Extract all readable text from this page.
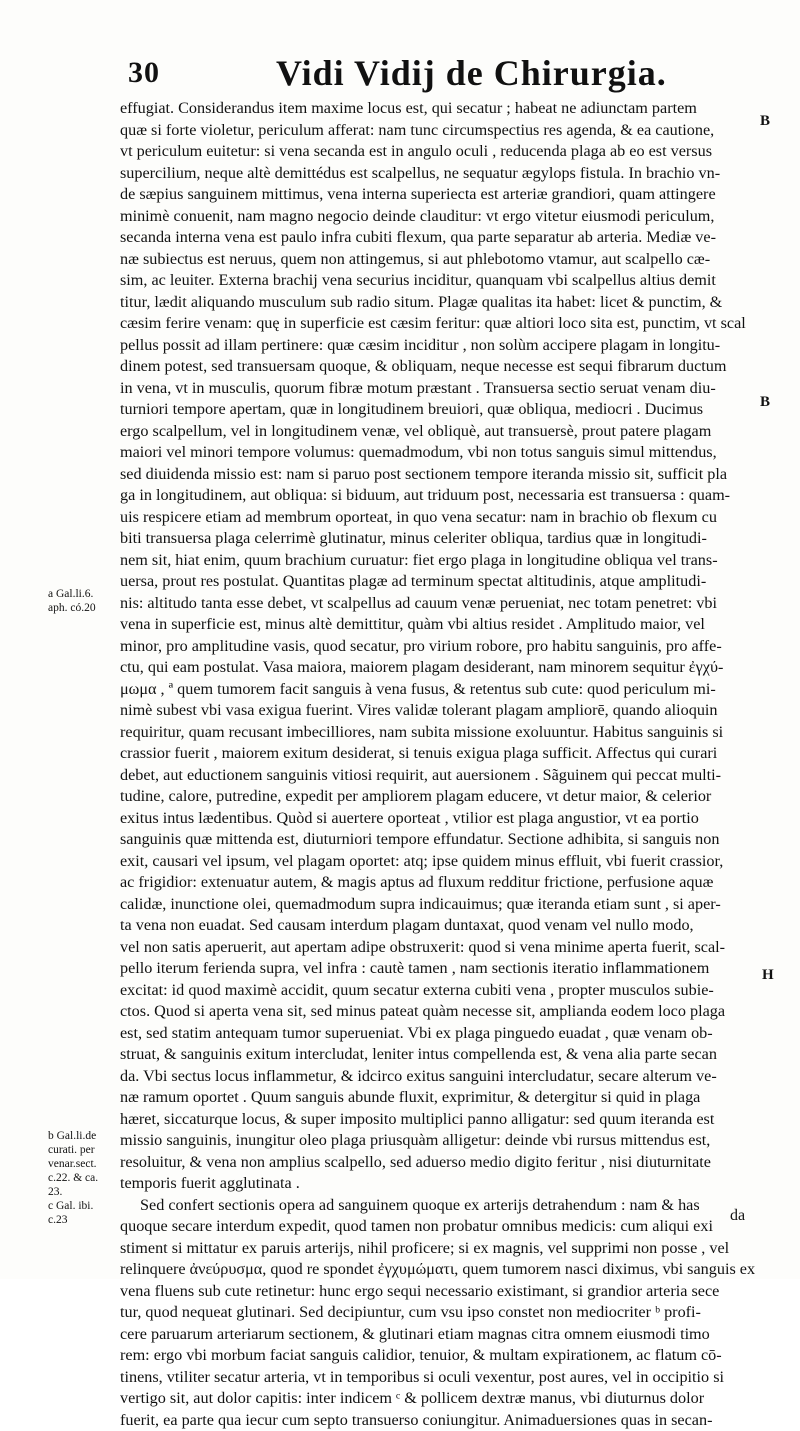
30	Vidi Vidij de Chirurgia.
effugiat. Considerandus item maxime locus est, qui secatur ; habeat ne adiunctam partem
quæ si forte violetur, periculum afferat: nam tunc circumspectius res agenda, & ea cautione,
vt periculum euitetur: si vena secanda est in angulo oculi , reducenda plaga ab eo est versus
supercilium, neque altè demittédus est scalpellus, ne sequatur ægylops fistula. In brachio vn-
de sæpius sanguinem mittimus, vena interna superiecta est arteriæ grandiori, quam attingere
minimè conuenit, nam magno negocio deinde clauditur: vt ergo vitetur eiusmodi periculum,
secanda interna vena est paulo infra cubiti flexum, qua parte separatur ab arteria. Mediæ ve-
næ subiectus est neruus, quem non attingemus, si aut phlebotomo vtamur, aut scalpello cæ-
sim, ac leuiter. Externa brachij vena securius inciditur, quanquam vbi scalpellus altius demit
titur, lædit aliquando musculum sub radio situm. Plagæ qualitas ita habet: licet & punctim, &
cæsim ferire venam: quę in superficie est cæsim feritur: quæ altiori loco sita est, punctim, vt scal
pellus possit ad illam pertinere: quæ cæsim inciditur , non solùm accipere plagam in longitu-
dinem potest, sed transuersam quoque, & obliquam, neque necesse est sequi fibrarum ductum
in vena, vt in musculis, quorum fibræ motum præstant . Transuersa sectio seruat venam diu-
turniori tempore apertam, quæ in longitudinem breuiori, quæ obliqua, mediocri . Ducimus
ergo scalpellum, vel in longitudinem venæ, vel obliquè, aut transuersè, prout patere plagam
maiori vel minori tempore volumus: quemadmodum, vbi non totus sanguis simul mittendus,
sed diuidenda missio est: nam si paruo post sectionem tempore iteranda missio sit, sufficit pla
ga in longitudinem, aut obliqua: si biduum, aut triduum post, necessaria est transuersa : quam-
uis respicere etiam ad membrum oporteat, in quo vena secatur: nam in brachio ob flexum cu
biti transuersa plaga celerrimè glutinatur, minus celeriter obliqua, tardius quæ in longitudi-
nem sit, hiat enim, quum brachium curuatur: fiet ergo plaga in longitudine obliqua vel trans-
uersa, prout res postulat. Quantitas plagæ ad terminum spectat altitudinis, atque amplitudi-
nis: altitudo tanta esse debet, vt scalpellus ad cauum venæ perueniat, nec totam penetret: vbi
vena in superficie est, minus altè demittitur, quàm vbi altius residet . Amplitudo maior, vel
minor, pro amplitudine vasis, quod secatur, pro virium robore, pro habitu sanguinis, pro affe-
ctu, qui eam postulat. Vasa maiora, maiorem plagam desiderant, nam minorem sequitur ἐγχύ-
μωμα , ª quem tumorem facit sanguis à vena fusus, & retentus sub cute: quod periculum mi-
nimè subest vbi vasa exigua fuerint. Vires validæ tolerant plagam ampliorē, quando alioquin
requiritur, quam recusant imbecilliores, nam subita missione exoluuntur. Habitus sanguinis si
crassior fuerit , maiorem exitum desiderat, si tenuis exigua plaga sufficit. Affectus qui curari
debet, aut eductionem sanguinis vitiosi requirit, aut auersionem . Sãguinem qui peccat multi-
tudine, calore, putredine, expedit per ampliorem plagam educere, vt detur maior, & celerior
exitus intus lædentibus. Quòd si auertere oporteat , vtilior est plaga angustior, vt ea portio
sanguinis quæ mittenda est, diuturniori tempore effundatur. Sectione adhibita, si sanguis non
exit, causari vel ipsum, vel plagam oportet: atq; ipse quidem minus effluit, vbi fuerit crassior,
ac frigidior: extenuatur autem, & magis aptus ad fluxum redditur frictione, perfusione aquæ
calidæ, inunctione olei, quemadmodum supra indicauimus; quæ iteranda etiam sunt , si aper-
ta vena non euadat. Sed causam interdum plagam duntaxat, quod venam vel nullo modo,
vel non satis aperuerit, aut apertam adipe obstruxerit: quod si vena minime aperta fuerit, scal-
pello iterum ferienda supra, vel infra : cautè tamen , nam sectionis iteratio inflammationem
excitat: id quod maximè accidit, quum secatur externa cubiti vena , propter musculos subie-
ctos. Quod si aperta vena sit, sed minus pateat quàm necesse sit, amplianda eodem loco plaga
est, sed statim antequam tumor superueniat. Vbi ex plaga pinguedo euadat , quæ venam ob-
struat, & sanguinis exitum intercludat, leniter intus compellenda est, & vena alia parte secan
da. Vbi sectus locus inflammetur, & idcirco exitus sanguini intercludatur, secare alterum ve-
næ ramum oportet . Quum sanguis abunde fluxit, exprimitur, & detergitur si quid in plaga
hæret, siccaturque locus, & super imposito multiplici panno alligatur: sed quum iteranda est
missio sanguinis, inungitur oleo plaga priusquàm alligetur: deinde vbi rursus mittendus est,
resoluitur, & vena non amplius scalpello, sed aduerso medio digito feritur , nisi diuturnitate
temporis fuerit agglutinata .
Sed confert sectionis opera ad sanguinem quoque ex arterijs detrahendum : nam & has
quoque secare interdum expedit, quod tamen non probatur omnibus medicis: cum aliqui exi
stiment si mittatur ex paruis arterijs, nihil proficere; si ex magnis, vel supprimi non posse , vel
relinquere ἀνεύρυσμα, quod re spondet ἐγχυμώματι, quem tumorem nasci diximus, vbi sanguis ex
vena fluens sub cute retinetur: hunc ergo sequi necessario existimant, si grandior arteria sece
tur, quod nequeat glutinari. Sed decipiuntur, cum vsu ipso constet non mediocriter ᵇ profi-
cere paruarum arteriarum sectionem, & glutinari etiam magnas citra omnem eiusmodi timo
rem: ergo vbi morbum faciat sanguis calidior, tenuior, & multam expirationem, ac flatum cō-
tinens, vtiliter secatur arteria, vt in temporibus si oculi vexentur, post aures, vel in occipitio si
vertigo sit, aut dolor capitis: inter indicem ᶜ & pollicem dextræ manus, vbi diuturnus dolor
fuerit, ea parte qua iecur cum septo transuerso coniungitur. Animaduersiones quas in secan-
B
B
H
a Gal.li.6.
aph. có.20
b Gal.li.de
curati. per
venar.sect.
c.22. & ca.
23.
c Gal. ibi.
c.23	da
